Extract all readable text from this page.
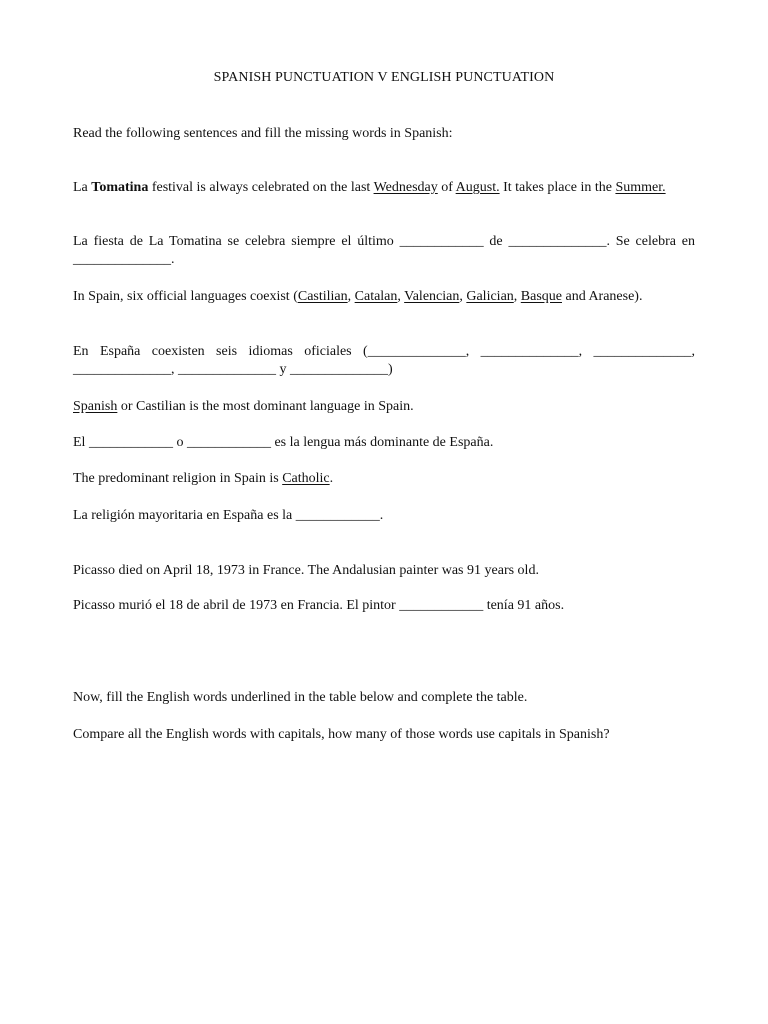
SPANISH PUNCTUATION V ENGLISH PUNCTUATION

Read the following sentences and fill the missing words in Spanish:

La Tomatina festival is always celebrated on the last Wednesday of August. It takes place in the Summer.

La fiesta de La Tomatina se celebra siempre el último ____________ de ______________. Se celebra en ______________.

In Spain, six official languages coexist (Castilian, Catalan, Valencian, Galician, Basque and Aranese).

En España coexisten seis idiomas oficiales (______________, ______________, ______________, ______________, ______________ y ______________)

Spanish or Castilian is the most dominant language in Spain.

El ____________ o ____________ es la lengua más dominante de España.

The predominant religion in Spain is Catholic.

La religión mayoritaria en España es la ____________.

Picasso died on April 18, 1973 in France. The Andalusian painter was 91 years old.

Picasso murió el 18 de abril de 1973 en Francia. El pintor ____________ tenía 91 años.

Now, fill the English words underlined in the table below and complete the table.

Compare all the English words with capitals, how many of those words use capitals in Spanish?
